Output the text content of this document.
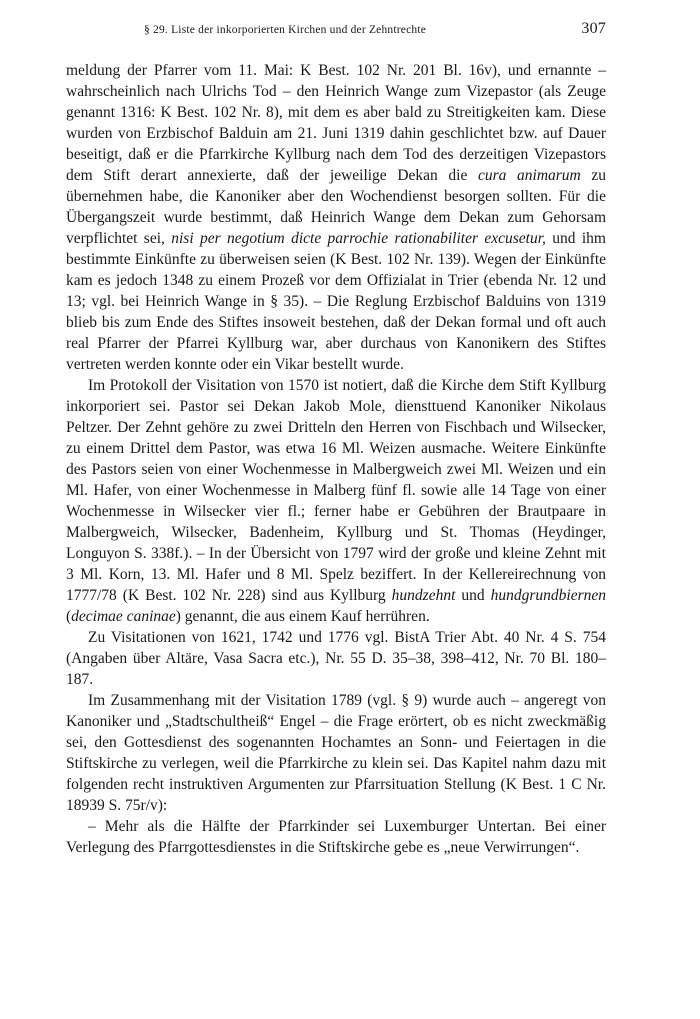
§ 29. Liste der inkorporierten Kirchen und der Zehntrechte	307

meldung der Pfarrer vom 11. Mai: K Best. 102 Nr. 201 Bl. 16v), und ernannte – wahrscheinlich nach Ulrichs Tod – den Heinrich Wange zum Vizepastor (als Zeuge genannt 1316: K Best. 102 Nr. 8), mit dem es aber bald zu Streitigkeiten kam. Diese wurden von Erzbischof Balduin am 21. Juni 1319 dahin geschlichtet bzw. auf Dauer beseitigt, daß er die Pfarrkirche Kyllburg nach dem Tod des derzeitigen Vizepastors dem Stift derart annexierte, daß der jeweilige Dekan die cura animarum zu übernehmen habe, die Kanoniker aber den Wochendienst besorgen sollten. Für die Übergangszeit wurde bestimmt, daß Heinrich Wange dem Dekan zum Gehorsam verpflichtet sei, nisi per negotium dicte parrochie rationabiliter excusetur, und ihm bestimmte Einkünfte zu überweisen seien (K Best. 102 Nr. 139). Wegen der Einkünfte kam es jedoch 1348 zu einem Prozeß vor dem Offizialat in Trier (ebenda Nr. 12 und 13; vgl. bei Heinrich Wange in § 35). – Die Reglung Erzbischof Balduins von 1319 blieb bis zum Ende des Stiftes insoweit bestehen, daß der Dekan formal und oft auch real Pfarrer der Pfarrei Kyllburg war, aber durchaus von Kanonikern des Stiftes vertreten werden konnte oder ein Vikar bestellt wurde.

Im Protokoll der Visitation von 1570 ist notiert, daß die Kirche dem Stift Kyllburg inkorporiert sei. Pastor sei Dekan Jakob Mole, diensttuend Kanoniker Nikolaus Peltzer. Der Zehnt gehöre zu zwei Dritteln den Herren von Fischbach und Wilsecker, zu einem Drittel dem Pastor, was etwa 16 Ml. Weizen ausmache. Weitere Einkünfte des Pastors seien von einer Wochenmesse in Malbergweich zwei Ml. Weizen und ein Ml. Hafer, von einer Wochenmesse in Malberg fünf fl. sowie alle 14 Tage von einer Wochenmesse in Wilsecker vier fl.; ferner habe er Gebühren der Brautpaare in Malbergweich, Wilsecker, Badenheim, Kyllburg und St. Thomas (Heydinger, Longuyon S. 338f.). – In der Übersicht von 1797 wird der große und kleine Zehnt mit 3 Ml. Korn, 13. Ml. Hafer und 8 Ml. Spelz beziffert. In der Kellereirechnung von 1777/78 (K Best. 102 Nr. 228) sind aus Kyllburg hundzehnt und hundgrundbiernen (decimae caninae) genannt, die aus einem Kauf herrühren.

Zu Visitationen von 1621, 1742 und 1776 vgl. BistA Trier Abt. 40 Nr. 4 S. 754 (Angaben über Altäre, Vasa Sacra etc.), Nr. 55 D. 35–38, 398–412, Nr. 70 Bl. 180–187.

Im Zusammenhang mit der Visitation 1789 (vgl. § 9) wurde auch – angeregt von Kanoniker und „Stadtschultheiß“ Engel – die Frage erörtert, ob es nicht zweckmäßig sei, den Gottesdienst des sogenannten Hochamtes an Sonn- und Feiertagen in die Stiftskirche zu verlegen, weil die Pfarrkirche zu klein sei. Das Kapitel nahm dazu mit folgenden recht instruktiven Argumenten zur Pfarrsituation Stellung (K Best. 1 C Nr. 18939 S. 75r/v):

– Mehr als die Hälfte der Pfarrkinder sei Luxemburger Untertan. Bei einer Verlegung des Pfarrgottesdienstes in die Stiftskirche gebe es „neue Verwirrungen“.
